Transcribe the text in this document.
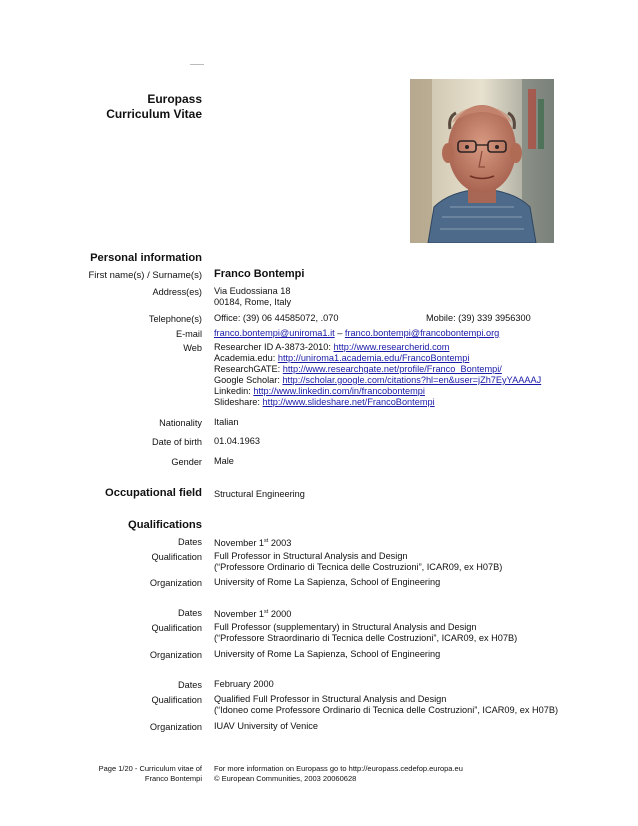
Europass
Curriculum Vitae
Personal information
First name(s) / Surname(s) Franco Bontempi
Address(es) Via Eudossiana 18
00184, Rome, Italy
Telephone(s) Office: (39) 06 44585072, .070	Mobile: (39) 339 3956300
E-mail franco.bontempi@uniroma1.it – franco.bontempi@francobontempi.org
Web Researcher ID A-3873-2010: http://www.researcherid.com
Academia.edu: http://uniroma1.academia.edu/FrancoBontempi
ResearchGATE: http://www.researchgate.net/profile/Franco_Bontempi/
Google Scholar: http://scholar.google.com/citations?hl=en&user=jZh7EyYAAAAJ
Linkedin: http://www.linkedin.com/in/francobontempi
Slideshare: http://www.slideshare.net/FrancoBontempi
Nationality Italian
Date of birth 01.04.1963
Gender Male
Occupational field Structural Engineering
Qualifications
Dates November 1st 2003
Qualification Full Professor in Structural Analysis and Design
(“Professore Ordinario di Tecnica delle Costruzioni”, ICAR09, ex H07B)
Organization University of Rome La Sapienza, School of Engineering
Dates November 1st 2000
Qualification Full Professor (supplementary) in Structural Analysis and Design
(“Professore Straordinario di Tecnica delle Costruzioni”, ICAR09, ex H07B)
Organization University of Rome La Sapienza, School of Engineering
Dates February 2000
Qualification Qualified Full Professor in Structural Analysis and Design
(“Idoneo come Professore Ordinario di Tecnica delle Costruzioni”, ICAR09, ex H07B)
Organization IUAV University of Venice
Page 1/20 - Curriculum vitae of
Franco Bontempi
For more information on Europass go to http://europass.cedefop.europa.eu
© European Communities, 2003 20060628
